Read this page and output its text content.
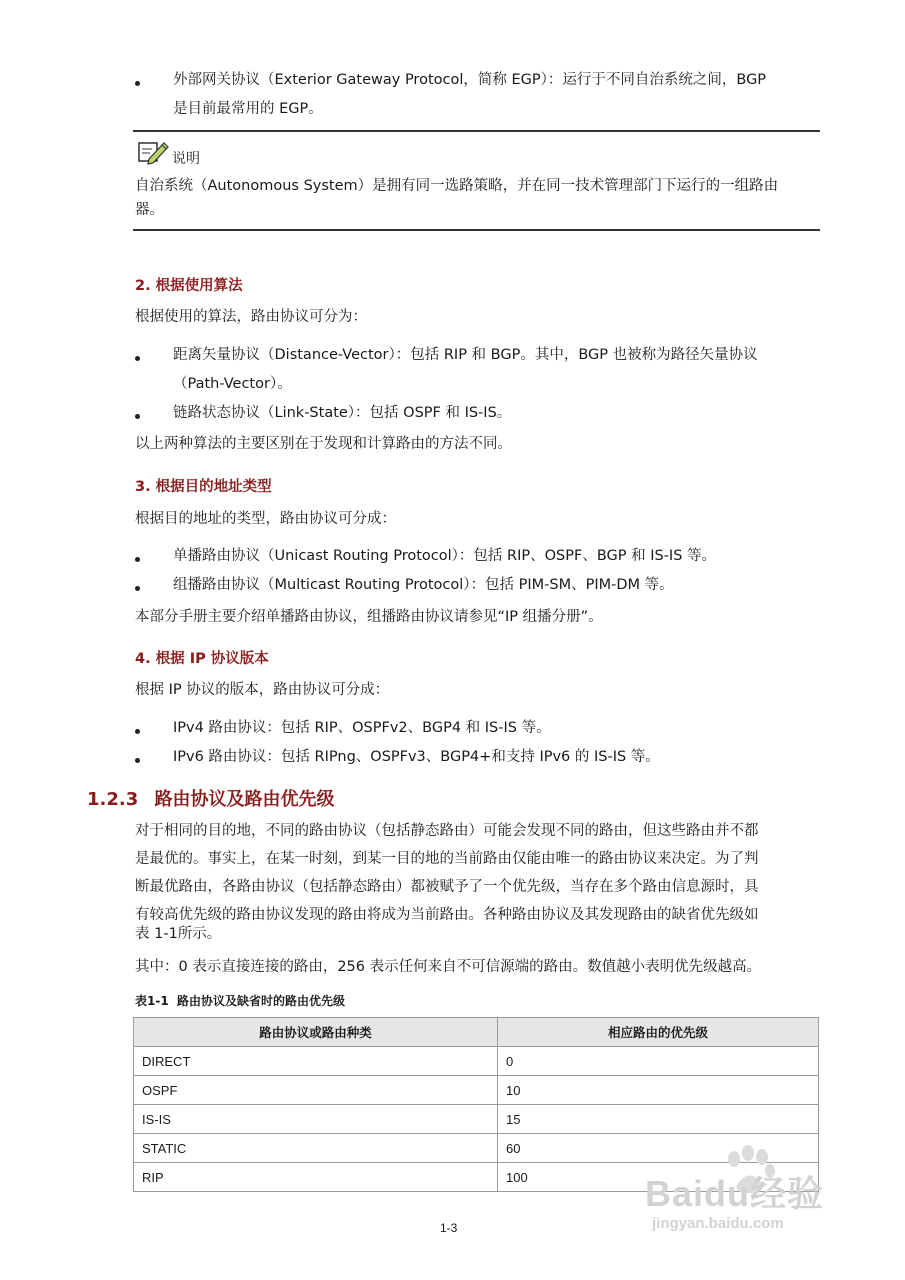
外部网关协议（Exterior Gateway Protocol，简称 EGP）：运行于不同自治系统之间，BGP
是目前最常用的 EGP。
说明
自治系统（Autonomous System）是拥有同一选路策略，并在同一技术管理部门下运行的一组路由
器。
2. 根据使用算法
根据使用的算法，路由协议可分为：
距离矢量协议（Distance-Vector）：包括 RIP 和 BGP。其中，BGP 也被称为路径矢量协议
（Path-Vector）。
链路状态协议（Link-State）：包括 OSPF 和 IS-IS。
以上两种算法的主要区别在于发现和计算路由的方法不同。
3. 根据目的地址类型
根据目的地址的类型，路由协议可分成：
单播路由协议（Unicast Routing Protocol）：包括 RIP、OSPF、BGP 和 IS-IS 等。
组播路由协议（Multicast Routing Protocol）：包括 PIM-SM、PIM-DM 等。
本部分手册主要介绍单播路由协议，组播路由协议请参见“IP 组播分册”。
4. 根据 IP 协议版本
根据 IP 协议的版本，路由协议可分成：
IPv4 路由协议：包括 RIP、OSPFv2、BGP4 和 IS-IS 等。
IPv6 路由协议：包括 RIPng、OSPFv3、BGP4+和支持 IPv6 的 IS-IS 等。
1.2.3 路由协议及路由优先级
对于相同的目的地，不同的路由协议（包括静态路由）可能会发现不同的路由，但这些路由并不都
是最优的。事实上，在某一时刻，到某一目的地的当前路由仅能由唯一的路由协议来决定。为了判
断最优路由，各路由协议（包括静态路由）都被赋予了一个优先级，当存在多个路由信息源时，具
有较高优先级的路由协议发现的路由将成为当前路由。各种路由协议及其发现路由的缺省优先级如
表 1-1所示。
其中：0 表示直接连接的路由，256 表示任何来自不可信源端的路由。数值越小表明优先级越高。
表1-1  路由协议及缺省时的路由优先级
路由协议或路由种类	相应路由的优先级
DIRECT	0
OSPF	10
IS-IS	15
STATIC	60
RIP	100
1-3
Baidu经验
jingyan.baidu.com
